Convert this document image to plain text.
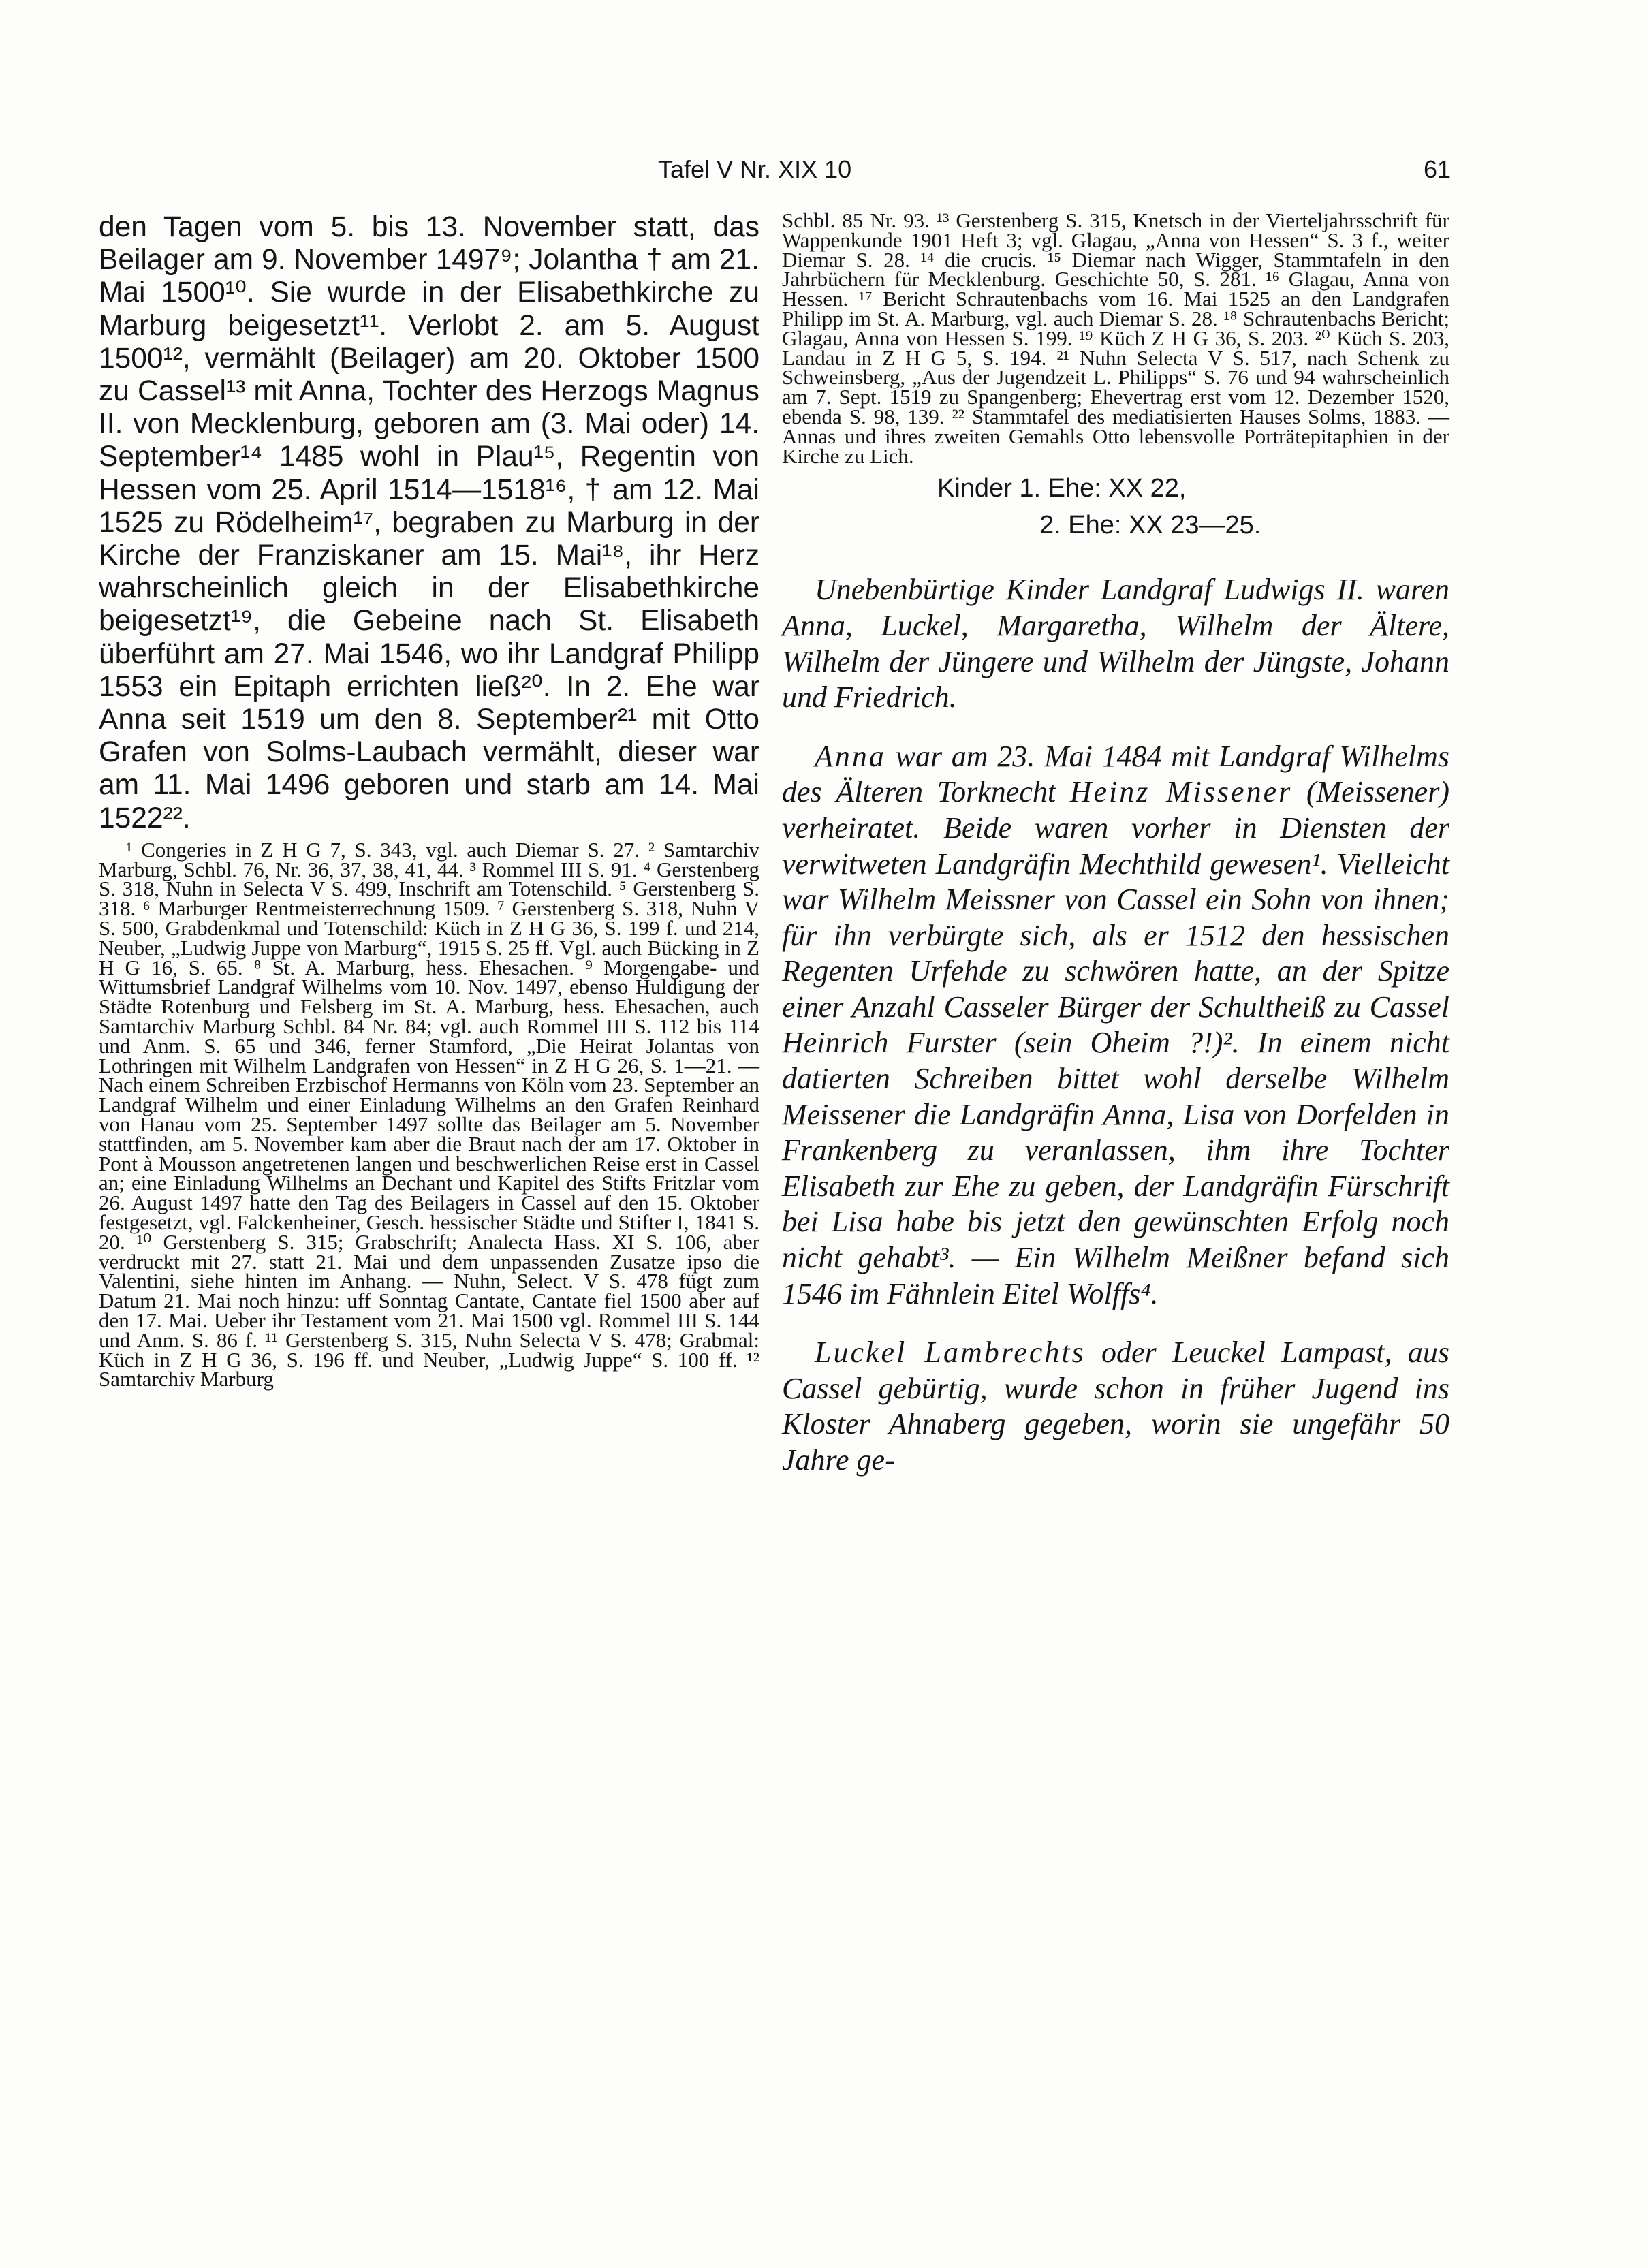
Tafel V Nr. XIX 10	61

den Tagen vom 5. bis 13. November statt, das Beilager am 9. November 1497⁹; Jolantha † am 21. Mai 1500¹⁰. Sie wurde in der Elisabethkirche zu Marburg beigesetzt¹¹. Verlobt 2. am 5. August 1500¹², vermählt (Beilager) am 20. Oktober 1500 zu Cassel¹³ mit Anna, Tochter des Herzogs Magnus II. von Mecklenburg, geboren am (3. Mai oder) 14. September¹⁴ 1485 wohl in Plau¹⁵, Regentin von Hessen vom 25. April 1514—1518¹⁶, † am 12. Mai 1525 zu Rödelheim¹⁷, begraben zu Marburg in der Kirche der Franziskaner am 15. Mai¹⁸, ihr Herz wahrscheinlich gleich in der Elisabethkirche beigesetzt¹⁹, die Gebeine nach St. Elisabeth überführt am 27. Mai 1546, wo ihr Landgraf Philipp 1553 ein Epitaph errichten ließ²⁰. In 2. Ehe war Anna seit 1519 um den 8. September²¹ mit Otto Grafen von Solms-Laubach vermählt, dieser war am 11. Mai 1496 geboren und starb am 14. Mai 1522²².

¹ Congeries in Z H G 7, S. 343, vgl. auch Diemar S. 27. ² Samtarchiv Marburg, Schbl. 76, Nr. 36, 37, 38, 41, 44. ³ Rommel III S. 91. ⁴ Gerstenberg S. 318, Nuhn in Selecta V S. 499, Inschrift am Totenschild. ⁵ Gerstenberg S. 318. ⁶ Marburger Rentmeisterrechnung 1509. ⁷ Gerstenberg S. 318, Nuhn V S. 500, Grabdenkmal und Totenschild: Küch in Z H G 36, S. 199 f. und 214, Neuber, „Ludwig Juppe von Marburg“, 1915 S. 25 ff. Vgl. auch Bücking in Z H G 16, S. 65. ⁸ St. A. Marburg, hess. Ehesachen. ⁹ Morgengabe- und Wittumsbrief Landgraf Wilhelms vom 10. Nov. 1497, ebenso Huldigung der Städte Rotenburg und Felsberg im St. A. Marburg, hess. Ehesachen, auch Samtarchiv Marburg Schbl. 84 Nr. 84; vgl. auch Rommel III S. 112 bis 114 und Anm. S. 65 und 346, ferner Stamford, „Die Heirat Jolantas von Lothringen mit Wilhelm Landgrafen von Hessen“ in Z H G 26, S. 1—21. — Nach einem Schreiben Erzbischof Hermanns von Köln vom 23. September an Landgraf Wilhelm und einer Einladung Wilhelms an den Grafen Reinhard von Hanau vom 25. September 1497 sollte das Beilager am 5. November stattfinden, am 5. November kam aber die Braut nach der am 17. Oktober in Pont à Mousson angetretenen langen und beschwerlichen Reise erst in Cassel an; eine Einladung Wilhelms an Dechant und Kapitel des Stifts Fritzlar vom 26. August 1497 hatte den Tag des Beilagers in Cassel auf den 15. Oktober festgesetzt, vgl. Falckenheiner, Gesch. hessischer Städte und Stifter I, 1841 S. 20. ¹⁰ Gerstenberg S. 315; Grabschrift; Analecta Hass. XI S. 106, aber verdruckt mit 27. statt 21. Mai und dem unpassenden Zusatze ipso die Valentini, siehe hinten im Anhang. — Nuhn, Select. V S. 478 fügt zum Datum 21. Mai noch hinzu: uff Sonntag Cantate, Cantate fiel 1500 aber auf den 17. Mai. Ueber ihr Testament vom 21. Mai 1500 vgl. Rommel III S. 144 und Anm. S. 86 f. ¹¹ Gerstenberg S. 315, Nuhn Selecta V S. 478; Grabmal: Küch in Z H G 36, S. 196 ff. und Neuber, „Ludwig Juppe“ S. 100 ff. ¹² Samtarchiv Marburg

Schbl. 85 Nr. 93. ¹³ Gerstenberg S. 315, Knetsch in der Vierteljahrsschrift für Wappenkunde 1901 Heft 3; vgl. Glagau, „Anna von Hessen“ S. 3 f., weiter Diemar S. 28. ¹⁴ die crucis. ¹⁵ Diemar nach Wigger, Stammtafeln in den Jahrbüchern für Mecklenburg. Geschichte 50, S. 281. ¹⁶ Glagau, Anna von Hessen. ¹⁷ Bericht Schrautenbachs vom 16. Mai 1525 an den Landgrafen Philipp im St. A. Marburg, vgl. auch Diemar S. 28. ¹⁸ Schrautenbachs Bericht; Glagau, Anna von Hessen S. 199. ¹⁹ Küch Z H G 36, S. 203. ²⁰ Küch S. 203, Landau in Z H G 5, S. 194. ²¹ Nuhn Selecta V S. 517, nach Schenk zu Schweinsberg, „Aus der Jugendzeit L. Philipps“ S. 76 und 94 wahrscheinlich am 7. Sept. 1519 zu Spangenberg; Ehevertrag erst vom 12. Dezember 1520, ebenda S. 98, 139. ²² Stammtafel des mediatisierten Hauses Solms, 1883. — Annas und ihres zweiten Gemahls Otto lebensvolle Porträtepitaphien in der Kirche zu Lich.

Kinder 1. Ehe: XX 22,
2. Ehe: XX 23—25.

Unebenbürtige Kinder Landgraf Ludwigs II. waren Anna, Luckel, Margaretha, Wilhelm der Ältere, Wilhelm der Jüngere und Wilhelm der Jüngste, Johann und Friedrich.

Anna war am 23. Mai 1484 mit Landgraf Wilhelms des Älteren Torknecht Heinz Missener (Meissener) verheiratet. Beide waren vorher in Diensten der verwitweten Landgräfin Mechthild gewesen¹. Vielleicht war Wilhelm Meissner von Cassel ein Sohn von ihnen; für ihn verbürgte sich, als er 1512 den hessischen Regenten Urfehde zu schwören hatte, an der Spitze einer Anzahl Casseler Bürger der Schultheiß zu Cassel Heinrich Furster (sein Oheim ?!)². In einem nicht datierten Schreiben bittet wohl derselbe Wilhelm Meissener die Landgräfin Anna, Lisa von Dorfelden in Frankenberg zu veranlassen, ihm ihre Tochter Elisabeth zur Ehe zu geben, der Landgräfin Fürschrift bei Lisa habe bis jetzt den gewünschten Erfolg noch nicht gehabt³. — Ein Wilhelm Meißner befand sich 1546 im Fähnlein Eitel Wolffs⁴.

Luckel Lambrechts oder Leuckel Lampast, aus Cassel gebürtig, wurde schon in früher Jugend ins Kloster Ahnaberg gegeben, worin sie ungefähr 50 Jahre ge-
